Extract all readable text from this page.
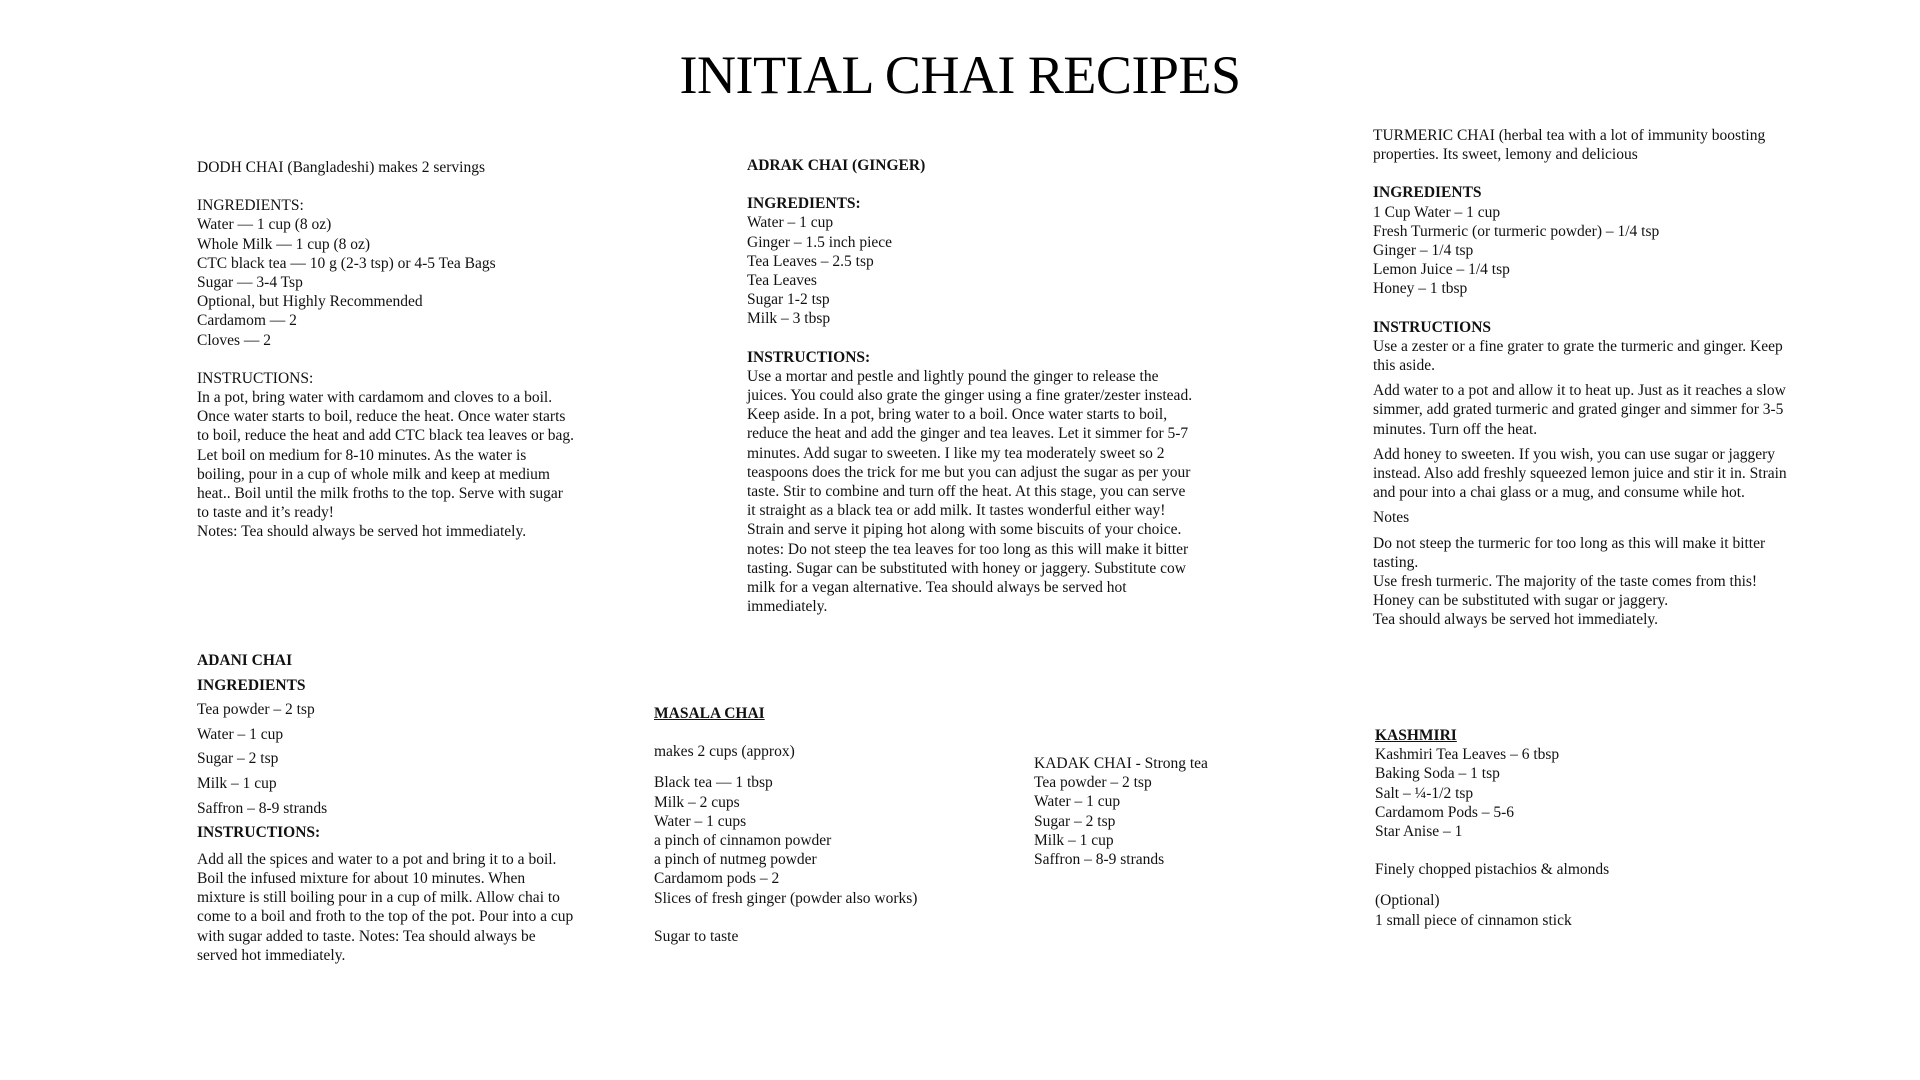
INITIAL CHAI RECIPES

DODH CHAI (Bangladeshi) makes 2 servings

INGREDIENTS:

Water — 1 cup (8 oz)

Whole Milk — 1 cup (8 oz)

CTC black tea — 10 g (2-3 tsp) or 4-5 Tea Bags

Sugar — 3-4 Tsp

Optional, but Highly Recommended

Cardamom — 2

Cloves — 2

INSTRUCTIONS:

In a pot, bring water with cardamom and cloves to a boil. Once water starts to boil, reduce the heat. Once water starts to boil, reduce the heat and add CTC black tea leaves or bag. Let boil on medium for 8-10 minutes. As the water is boiling, pour in a cup of whole milk and keep at medium heat.. Boil until the milk froths to the top. Serve with sugar to taste and it’s ready!

Notes: Tea should always be served hot immediately.

ADRAK CHAI (GINGER)

INGREDIENTS:

Water – 1 cup

Ginger – 1.5 inch piece

Tea Leaves – 2.5 tsp

Tea Leaves

Sugar 1-2 tsp

Milk – 3 tbsp

INSTRUCTIONS:

Use a mortar and pestle and lightly pound the ginger to release the juices. You could also grate the ginger using a fine grater/zester instead. Keep aside. In a pot, bring water to a boil. Once water starts to boil, reduce the heat and add the ginger and tea leaves. Let it simmer for 5-7 minutes. Add sugar to sweeten. I like my tea moderately sweet so 2 teaspoons does the trick for me but you can adjust the sugar as per your taste. Stir to combine and turn off the heat. At this stage, you can serve it straight as a black tea or add milk. It tastes wonderful either way! Strain and serve it piping hot along with some biscuits of your choice. notes: Do not steep the tea leaves for too long as this will make it bitter tasting. Sugar can be substituted with honey or jaggery. Substitute cow milk for a vegan alternative. Tea should always be served hot immediately.

TURMERIC CHAI (herbal tea with a lot of immunity boosting properties. Its sweet, lemony and delicious

INGREDIENTS

1 Cup Water – 1 cup

Fresh Turmeric (or turmeric powder) – 1/4 tsp

Ginger – 1/4 tsp

Lemon Juice – 1/4 tsp

Honey – 1 tbsp

INSTRUCTIONS

Use a zester or a fine grater to grate the turmeric and ginger. Keep this aside.

Add water to a pot and allow it to heat up. Just as it reaches a slow simmer, add grated turmeric and grated ginger and simmer for 3-5 minutes. Turn off the heat.

Add honey to sweeten. If you wish, you can use sugar or jaggery instead. Also add freshly squeezed lemon juice and stir it in. Strain and pour into a chai glass or a mug, and consume while hot.

Notes

Do not steep the turmeric for too long as this will make it bitter tasting.

Use fresh turmeric. The majority of the taste comes from this!

Honey can be substituted with sugar or jaggery.

Tea should always be served hot immediately.

ADANI CHAI

INGREDIENTS

Tea powder – 2 tsp

Water – 1 cup

Sugar – 2 tsp

Milk – 1 cup

Saffron – 8-9 strands

INSTRUCTIONS:

Add all the spices and water to a pot and bring it to a boil. Boil the infused mixture for about 10 minutes. When mixture is still boiling pour in a cup of milk. Allow chai to come to a boil and froth to the top of the pot. Pour into a cup with sugar added to taste. Notes: Tea should always be served hot immediately.

MASALA CHAI

makes 2 cups (approx)

Black tea — 1 tbsp

Milk – 2 cups

Water – 1 cups

a pinch of cinnamon powder

a pinch of nutmeg powder

Cardamom pods – 2

Slices of fresh ginger (powder also works)

Sugar to taste

KADAK CHAI - Strong tea

Tea powder – 2 tsp

Water – 1 cup

Sugar – 2 tsp

Milk – 1 cup

Saffron – 8-9 strands

KASHMIRI

Kashmiri Tea Leaves – 6 tbsp

Baking Soda – 1 tsp

Salt – ¼-1/2 tsp

Cardamom Pods – 5-6

Star Anise – 1

Finely chopped pistachios & almonds

(Optional)

1 small piece of cinnamon stick
